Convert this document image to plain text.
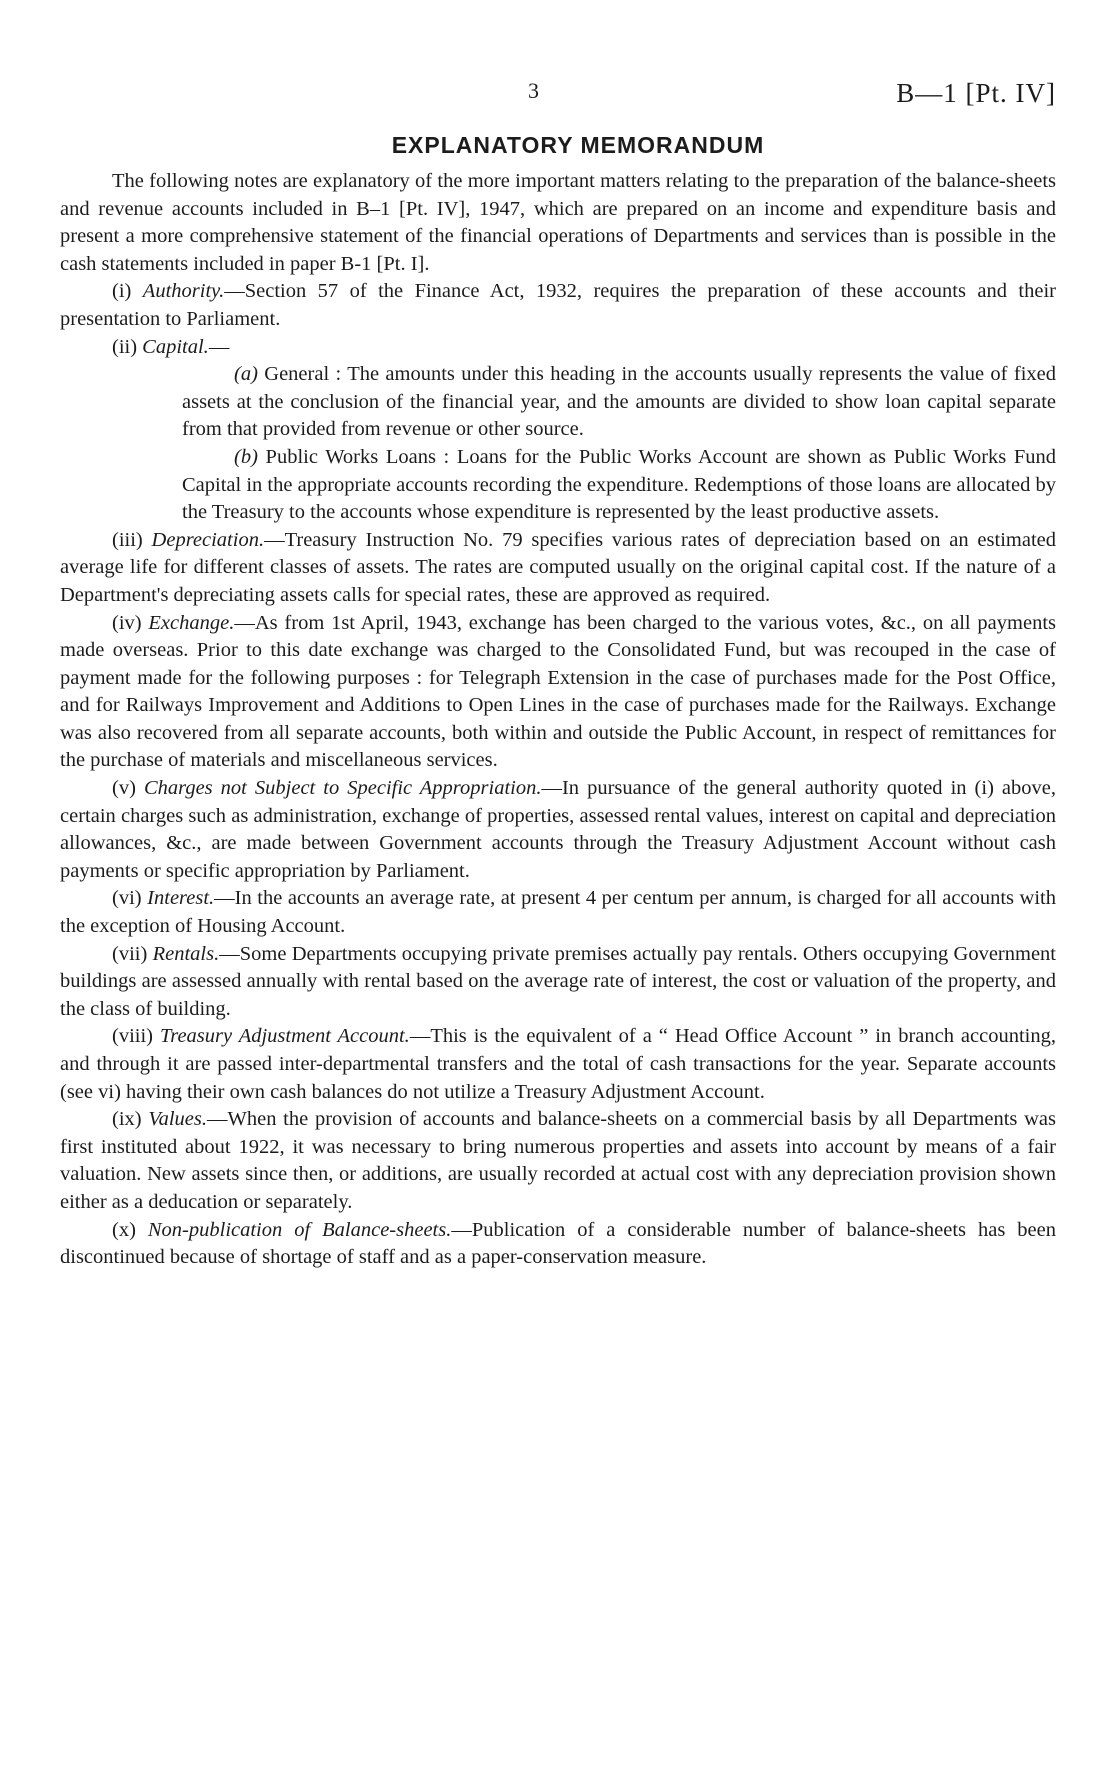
3	B—1 [Pt. IV]
EXPLANATORY MEMORANDUM

The following notes are explanatory of the more important matters relating to the preparation of the balance-sheets and revenue accounts included in B–1 [Pt. IV], 1947, which are prepared on an income and expenditure basis and present a more comprehensive statement of the financial operations of Departments and services than is possible in the cash statements included in paper B-1 [Pt. I].

(i) Authority.—Section 57 of the Finance Act, 1932, requires the preparation of these accounts and their presentation to Parliament.

(ii) Capital.—

(a) General : The amounts under this heading in the accounts usually represents the value of fixed assets at the conclusion of the financial year, and the amounts are divided to show loan capital separate from that provided from revenue or other source.

(b) Public Works Loans : Loans for the Public Works Account are shown as Public Works Fund Capital in the appropriate accounts recording the expenditure. Redemptions of those loans are allocated by the Treasury to the accounts whose expenditure is represented by the least productive assets.

(iii) Depreciation.—Treasury Instruction No. 79 specifies various rates of depreciation based on an estimated average life for different classes of assets. The rates are computed usually on the original capital cost. If the nature of a Department's depreciating assets calls for special rates, these are approved as required.

(iv) Exchange.—As from 1st April, 1943, exchange has been charged to the various votes, &c., on all payments made overseas. Prior to this date exchange was charged to the Consolidated Fund, but was recouped in the case of payment made for the following purposes : for Telegraph Extension in the case of purchases made for the Post Office, and for Railways Improvement and Additions to Open Lines in the case of purchases made for the Railways. Exchange was also recovered from all separate accounts, both within and outside the Public Account, in respect of remittances for the purchase of materials and miscellaneous services.

(v) Charges not Subject to Specific Appropriation.—In pursuance of the general authority quoted in (i) above, certain charges such as administration, exchange of properties, assessed rental values, interest on capital and depreciation allowances, &c., are made between Government accounts through the Treasury Adjustment Account without cash payments or specific appropriation by Parliament.

(vi) Interest.—In the accounts an average rate, at present 4 per centum per annum, is charged for all accounts with the exception of Housing Account.

(vii) Rentals.—Some Departments occupying private premises actually pay rentals. Others occupying Government buildings are assessed annually with rental based on the average rate of interest, the cost or valuation of the property, and the class of building.

(viii) Treasury Adjustment Account.—This is the equivalent of a “ Head Office Account ” in branch accounting, and through it are passed inter-departmental transfers and the total of cash transactions for the year. Separate accounts (see vi) having their own cash balances do not utilize a Treasury Adjustment Account.

(ix) Values.—When the provision of accounts and balance-sheets on a commercial basis by all Departments was first instituted about 1922, it was necessary to bring numerous properties and assets into account by means of a fair valuation. New assets since then, or additions, are usually recorded at actual cost with any depreciation provision shown either as a deducation or separately.

(x) Non-publication of Balance-sheets.—Publication of a considerable number of balance-sheets has been discontinued because of shortage of staff and as a paper-conservation measure.
